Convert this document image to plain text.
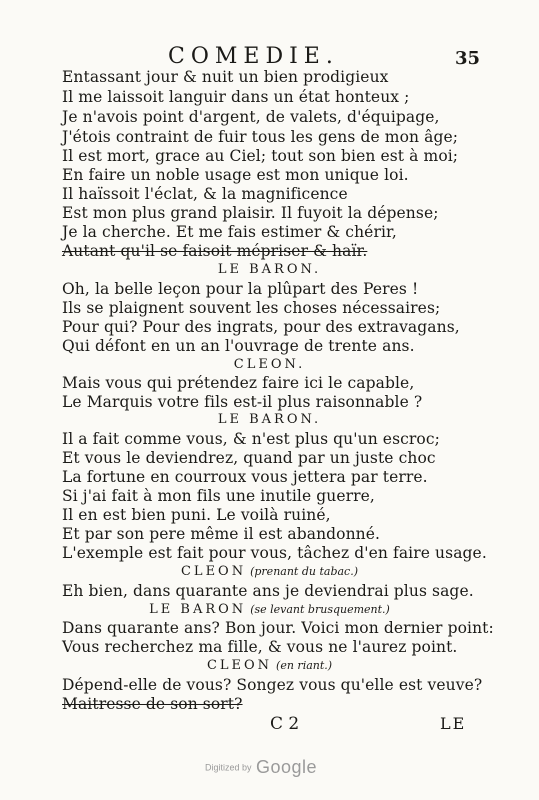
COMEDIE.	35
Entassant jour & nuit un bien prodigieux
Il me laissoit languir dans un état honteux ;
Je n'avois point d'argent, de valets, d'équipage,
J'étois contraint de fuir tous les gens de mon âge;
Il est mort, grace au Ciel; tout son bien est à moi;
En faire un noble usage est mon unique loi.
Il haïssoit l'éclat, & la magnificence
Est mon plus grand plaisir. Il fuyoit la dépense;
Je la cherche. Et me fais estimer & chérir,
Autant qu'il se faisoit mépriser & haïr.
LE BARON.
Oh, la belle leçon pour la plûpart des Peres !
Ils se plaignent souvent les choses nécessaires;
Pour qui? Pour des ingrats, pour des extravagans,
Qui défont en un an l'ouvrage de trente ans.
CLEON.
Mais vous qui prétendez faire ici le capable,
Le Marquis votre fils est-il plus raisonnable ?
LE BARON.
Il a fait comme vous, & n'est plus qu'un escroc;
Et vous le deviendrez, quand par un juste choc
La fortune en courroux vous jettera par terre.
Si j'ai fait à mon fils une inutile guerre,
Il en est bien puni. Le voilà ruiné,
Et par son pere même il est abandonné.
L'exemple est fait pour vous, tâchez d'en faire usage.
CLEON (prenant du tabac.)
Eh bien, dans quarante ans je deviendrai plus sage.
LE BARON (se levant brusquement.)
Dans quarante ans? Bon jour. Voici mon dernier point:
Vous recherchez ma fille, & vous ne l'aurez point.
CLEON (en riant.)
Dépend-elle de vous? Songez vous qu'elle est veuve?
Maitresse de son sort?
C 2	LE
Digitized by Google
